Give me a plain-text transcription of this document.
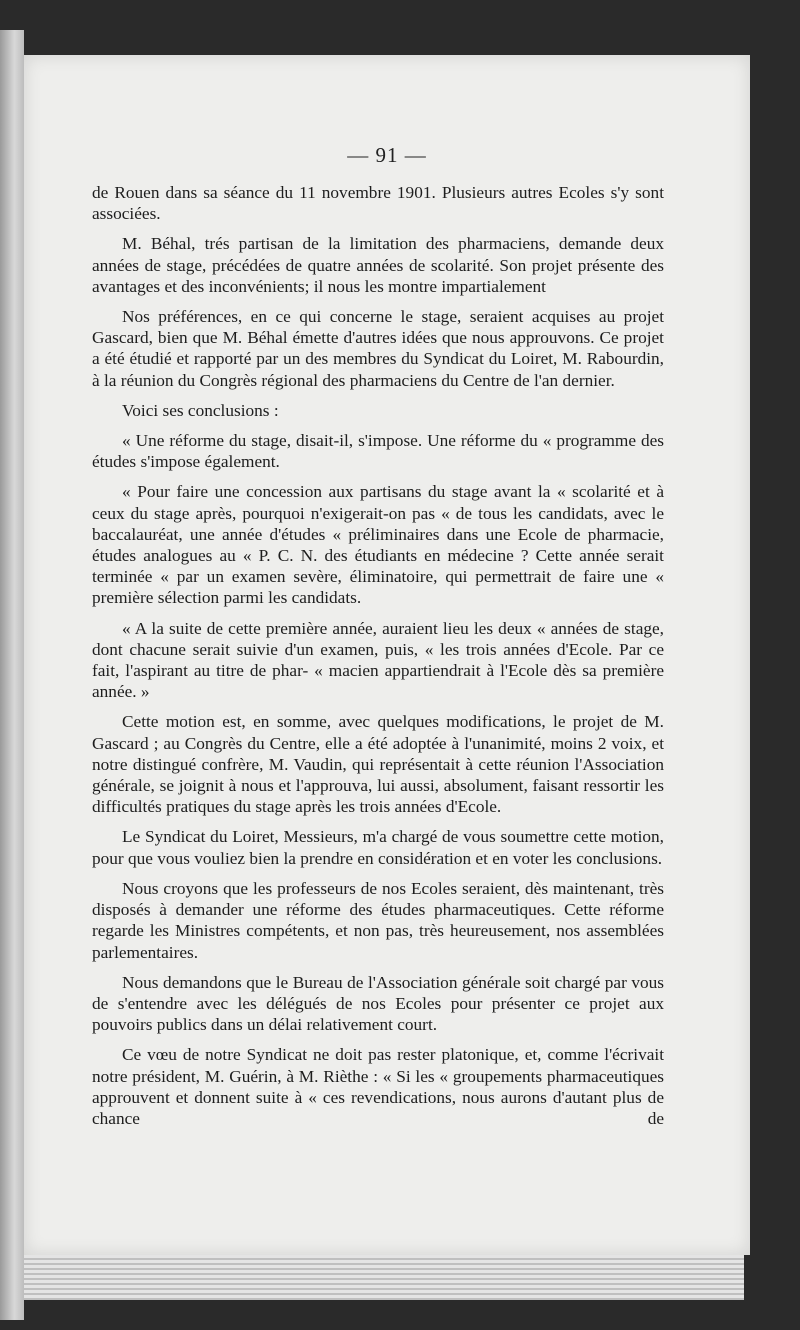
— 91 —

de Rouen dans sa séance du 11 novembre 1901. Plusieurs autres Ecoles s'y sont associées.

M. Béhal, trés partisan de la limitation des pharmaciens, demande deux années de stage, précédées de quatre années de scolarité. Son projet présente des avantages et des inconvénients; il nous les montre impartialement

Nos préférences, en ce qui concerne le stage, seraient acquises au projet Gascard, bien que M. Béhal émette d'autres idées que nous approuvons. Ce projet a été étudié et rapporté par un des membres du Syndicat du Loiret, M. Rabourdin, à la réunion du Congrès régional des pharmaciens du Centre de l'an dernier.

Voici ses conclusions :

« Une réforme du stage, disait-il, s'impose. Une réforme du « programme des études s'impose également.

« Pour faire une concession aux partisans du stage avant la « scolarité et à ceux du stage après, pourquoi n'exigerait-on pas « de tous les candidats, avec le baccalauréat, une année d'études « préliminaires dans une Ecole de pharmacie, études analogues au « P. C. N. des étudiants en médecine ? Cette année serait terminée « par un examen sevère, éliminatoire, qui permettrait de faire une « première sélection parmi les candidats.

« A la suite de cette première année, auraient lieu les deux « années de stage, dont chacune serait suivie d'un examen, puis, « les trois années d'Ecole. Par ce fait, l'aspirant au titre de phar- « macien appartiendrait à l'Ecole dès sa première année. »

Cette motion est, en somme, avec quelques modifications, le projet de M. Gascard ; au Congrès du Centre, elle a été adoptée à l'unanimité, moins 2 voix, et notre distingué confrère, M. Vaudin, qui représentait à cette réunion l'Association générale, se joignit à nous et l'approuva, lui aussi, absolument, faisant ressortir les difficultés pratiques du stage après les trois années d'Ecole.

Le Syndicat du Loiret, Messieurs, m'a chargé de vous soumettre cette motion, pour que vous vouliez bien la prendre en considération et en voter les conclusions.

Nous croyons que les professeurs de nos Ecoles seraient, dès maintenant, très disposés à demander une réforme des études pharmaceutiques. Cette réforme regarde les Ministres compétents, et non pas, très heureusement, nos assemblées parlementaires.

Nous demandons que le Bureau de l'Association générale soit chargé par vous de s'entendre avec les délégués de nos Ecoles pour présenter ce projet aux pouvoirs publics dans un délai relativement court.

Ce vœu de notre Syndicat ne doit pas rester platonique, et, comme l'écrivait notre président, M. Guérin, à M. Rièthe : « Si les « groupements pharmaceutiques approuvent et donnent suite à « ces revendications, nous aurons d'autant plus de chance de
